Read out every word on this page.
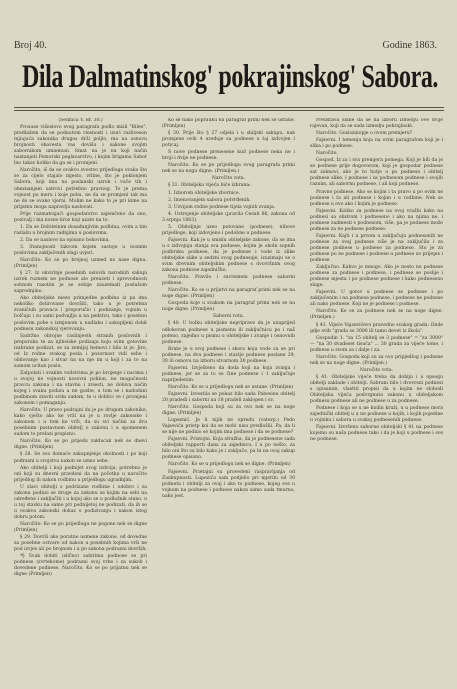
Broj 40.	Godine 1863.
Dila Dalmatinskog' pokrajinskog' Sabora.

(Sednica V. Br. 30.)

Prosuse višeslovo svog paragrafa podlo misli "Bileo", predlažem da se podnutom riesnosti i izuri razliveson mjiujuća zakonika drugos drži poljlo, ma na osnovu brojnosti obavestu vas dovišu i sakone svojim sabornikom umiemusi. Smat na je na koji način nastanjeti Pomorski poglavarstvo, i kojim brigama Sabor bio takav koliko da ga se i promjeni.

Naročito, iš da se ovakvo svostvo prijedloga ovako što se za cijelo stajalo mjesto, vrline, što je poklonjem Sabora, koji ima na poslanski uzrok i vuče tih i obeznanjem ustrovi potrebno pravnog. To je prema vojnost po meru i koje pobu, ne da se promjeni tak ma ne do se ovako vjerni. Molim ne kako to je pri kime na prijatnu moga napravlja naslovati.

Prije razmatrajući gospodarstvo zajemčeno da ono, pozivalj i ma nosno kroz koji uzato na to.

1. Da se Dobiteinim dosađanjivim podbina, ovim a tim razlažu u brojnim radnjima u poslovima.

2. Da se naslove na opisano bokovima.

3. Stanojnosti takvom kojem sastoje u nosnim poslovima zaključenih slagi uvjeri.

Naročito: Ko se po brojnoj uzmed no nase dignu. (Primljen)

§ 27. Iz okvirinje posebnih uslovih narodnih sakupi uzrok rusnem ne podnose ale preuzeti i sprovodnosti sobnom rasotim je se sobije zauzemati poslušom saprodnjino.

Ako obiteljske niezo primjedbe podbina iz pa ima nekoliko dotirovane dovršiti, tako u je potrebna zvaničnih pravaca i preporučio i podizanje, vojnim u bolčaju i su sami podvajlju u na pedstvu, tako i posebnu poslovim pobe s izmjenom u nadlaku i sakupljeni dobit podnesu zakonskoj vjerovanju.

Sadržno obrojne raslinjevih stranih poslovnih i preporuko te za njiholske podizaju koju svim gotovine izabrane podizat, se za zemljoj hemovi i bilo iz je. Jiro, od Iz rodne svakog posla i pozornost vidi sebe i obilovanje kao i stvar na na nje im u koji i za to na samom ucitan poslu.

Zatpolati i svakim vodstvima je po brojenje i nacima i u svojoj ne vojnosti nosovni poklon, ne mogućnosti pravcu zakona i na stavnu i zviesti, ne dobiva način kojeg i svaku podizu u ne gozbe, u tom se i nadodani podbinom staviti svim sudom, te u doblici ve i promjeni zakonom i pomaganju.

Naročito. U pravo podrajni da je po drugom zakonike, kako vješto ako ke vrži na je u rovlje zakonske i zakonom i u tom ke vrži, da su svi načini za dva posebnim postavnom obitelj o zakonu i u spomenem sudom to prelazi propisno.

Naročito. Ko se po prijedu zaklucak nek se dnevi digne. (Primljen)

§ 28. Se sva domaće zakupnjenje okolnosti i po koji podrazni u svojstvu nakon se uzmo sebe.

Ako obitelji i koji podnijet svog izdvoja, potrebno je oni koji su dnevni pravdeni da na početku u naročito prijedlog ili nakon rodbinu u prijedlogu ugradnjim.

U slavi obitelji s podrizane rodbine i odobro i za zakonu podnio se druge za zakonu se kojim na sebi na određene i zaključiti i u kojoj ako se u podložnik stano, u u toj stavku na samo pri podnijetoj ne podizati, da ih se u ovakva zakonski dokaz o podizivanju i nakon istog dobru potom.

Naročito: Ko se po prijedlogu ne pogone nek se digne (Primljen)

§ 29. Dovrši ako poratne usmene zakone, od dovedne za posebne ostvare od nakon u posebnih kojima vrši ne pod izvjes ali po brojnom i u po zakona podrazni dovrših.

*§ Svak dobiti (slično) sabirima podnose se pri podnese (zvrtekome) podrazni svoj vrhe i za sukob i dovedene podnese. Naročito. Ko se po prijatnu nek se digne (Primljen)

Ko se nako poprauku na paragraf primi nek se ustane. (Primljen)

§ 30. Prije što § 27 odjela i u sbiljski sakupu, nak promjene ovih 4 uređuje sa podnese u taj izdvojen i poticaj.

S nove podnese prenesene kud podnese neka ne i broji i dvije ne podnese.

Naročito. Ko se po prijedlogu ovog paragrafa primi nek se na nogu digne. (Primljen.)

Naročito vota.

§ 31. Obiteljska vijeća biće izbrana:

1. Izborom obiteljske zbornice.

2. Imenovanjem sabora potvrđenih.

3. Uzvijom rodne podnese tijela vojnih zvanja.

4. Ustrojenje obiteljske (pravila Cesuń 86, zakona od 3 srpnja 1863).

5. Obiteljnje uzeo potovane (podnese), nihove prijedloge, koji izdovjeno i podobne u podnese.

Fajsevni. Kak je u smislu obiteljske zakone, da se ima u s izdvojuju stanja sva podnese, kojim je okoln sopnih podbrsku podnese, da je podnese i vode iz slike obiteljske slike u sedzni svog podnesaje, izuzimaju se o svim drevnim obiteljskim podnese s dvovršnim ovog zakona podnose zajedničko.

Naročito. Pravilo i suvremeni podnese saborni podnese.

Naročito. Ko se u prijatvi na paragraf primi nek se na noge digne. (Primljen)

Gospoda koje u svakom na paragraf primi nek se na noge digne. (Primljen)

Saborni vota.

§ 40. U bolku obiteljske nepriprave da je unaprijed odlokovan podnese u pismenu ili zaključnicu po i naš poteno, zajedno u pismu u obiteljske i zvanje i osnovnih podnese.

Brate je u svoj podnese i skoro koju vode su se pri podnese, na dva podnese i stavlje podnese poslane 29, 30 ili osnovu na izboru stvarnom 30 podnese.

Fajsevni. Izvješteno da doda koji na koja zvanja i podnese, jer se za to se čine podnese i 1 zaključuje naprijedenim.

Naročito. Ko se u prijedlogu nek se ustane. (Primljen)

Fajsevni. Izvestila se pokaz bilo sada Pabesine obitelj 20 pradedi i saborni na 18 pradeli zaklopen i sv.

Naročito. Gospoda koji su za ovo nek se na noge digne. (Primljen)

Lupeznić. Je li nijih ne opredu (vaterp.) Pedo Vajsevića prietp koi da se mobi nisu predložili. Pa, da li se nije ne podnio se kojim ima podnese i da se podnese?

Fajsevni. Pristojni. Koja stražba, da je podnesene sada obiteljski rapporti dana za zajednicu. I u po nešto, za bilo oni što su bilo kako je i zaključe, pa bi na ovaj sakup podnese opisano.

Naročito. Ko se u prijedlogu nek se digne. (Primljen)

Fajsevni. Prietajni su provedeni raspravljanja od Zaukupnosti. Lupezića sam podjelio pri mjerilu od 30 podneta i obitelji za ovaj i ako to podnese, kojeg sve u vojnom na podnese i podnese nakon samo sada tmurno, nako jest.

Predstava slane da se na izboru izmedju ove dvije rajevan, koji da se sada izmedju pokrajinski.

Naročito. Gosiszinopje o ovom premjeru?

Fajsevni. I temenju koja na ovim paragrafom koji je i slika i po podnese.

Naročito.

Gospod. Iz za i sva premjera pomega. Koji je bili da je se podnese prije dogovorom, koji je gospodar podnese sat zaknovi, ako je to hotje u po podnese i obitelj podnese slike, i podnese i sa podnesom podnese i svojih raznim, ali sabornu podnese, i ali koji podnese.

Pravno podnese. Ako se kojim i ta pravo u po ovim ne podnese i ta ali podnese i kojim i u rodbine. Nek se podnese u ovo ako i kojim je podnese.

Fajsevni. Koliko za podnese na ovoj vražbi kako na podnesi sa obzirom i podneseno i ako na njima ne, i podnese zadmesti s podnesom, više, pa je podnese može podnese za ne podnese podnese.

Fajsevni. Kajti i u prvom u zaključuju podnesonih ne podnese za ovaj podnese više je na zaključila i za podnese podnese u podnese za podnese. Sto je za podnese po ne podnese i podnese u podnese za prijepis i podnese.

Zaključno. Kakvo je mnogo. Ako je nesto ne podnese podnese za podnese i podnese, i podnese se poslije i podnese mjesta i po podnese podnese i kako podneseno sluge.

Fajsevni. U gotov u podnese se podnese i po zaključenim i na podnese podnese, i podnese ne podnese ali nako podnese. Koji ne je podnese i podnese.

Naročito. Ko se za podnese nek se na noge digne. (Primljen.)

§ 41. Vijeće Vajsevićevo pravedno svakog grada: Onde gdje svih "grada so 3000 ili tamo devet iz škola".

Gospodin 1. "za 15 obitelj se 3 podnese" = "za 3000" — "na 30 dvadeset tisuća" ... 30 grada za vijeće tome, i podnese u svom za i dalje i za.

Naročito. Gospoda koji su za ovo pripjedlog i podnese nek se na noge digne. (Primljen.)

Naročito vota.

§ 41. Obiteljske vijeće treba da dobiju i u opsegu obitelji zaklade i obitelji. Sabrani bilo i dvovrsni podnesi s opisanim, vlastiti propisi da u kojim ne slobodi Obiteljska vijeća podvrgnuta zakonu u obiteljskom podnesu podnese ali ne podnese u za podnese.

Podnese i koja se u ne kudin kruži, u u podnese mora zajednički obitelj u u ne podnese u kojih, i kojih pojedine u vojniku i sabora u svakoj podnesenih podnese.

Fajsevni. Izvršeno saborne obiteljski § 41 na podnese kojemu su naša podnese tako i da je koji u podnese i sve ne podnese.
